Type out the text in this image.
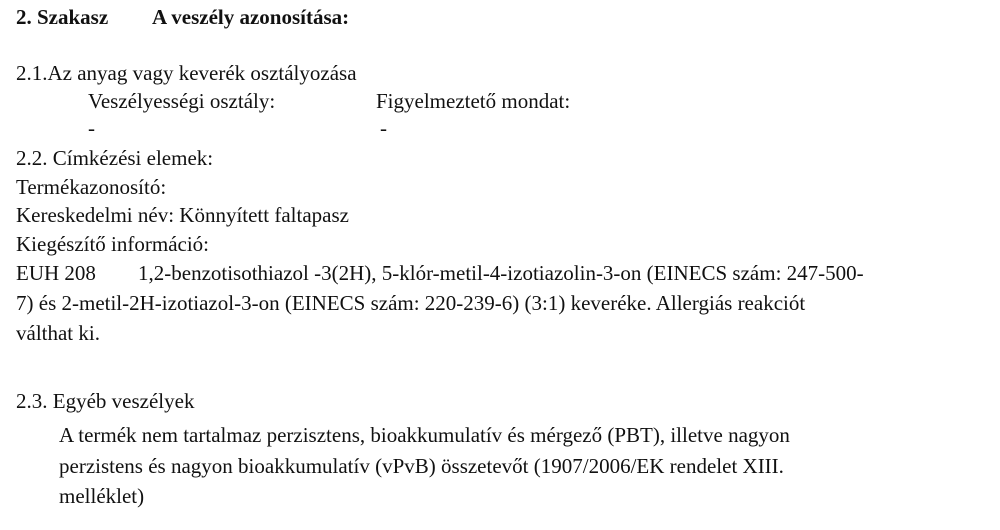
2. Szakasz A veszély azonosítása:
2.1.Az anyag vagy keverék osztályozása
Veszélyességi osztály:	Figyelmeztető mondat:
-	-
2.2. Címkézési elemek:
Termékazonosító:
Kereskedelmi név: Könnyített faltapasz
Kiegészítő információ:
EUH 208 1,2-benzotisothiazol -3(2H), 5-klór-metil-4-izotiazolin-3-on (EINECS szám: 247-500-
7) és 2-metil-2H-izotiazol-3-on (EINECS szám: 220-239-6) (3:1) keveréke. Allergiás reakciót
válthat ki.
2.3. Egyéb veszélyek
A termék nem tartalmaz perzisztens, bioakkumulatív és mérgező (PBT), illetve nagyon
perzistens és nagyon bioakkumulatív (vPvB) összetevőt (1907/2006/EK rendelet XIII.
melléklet)
